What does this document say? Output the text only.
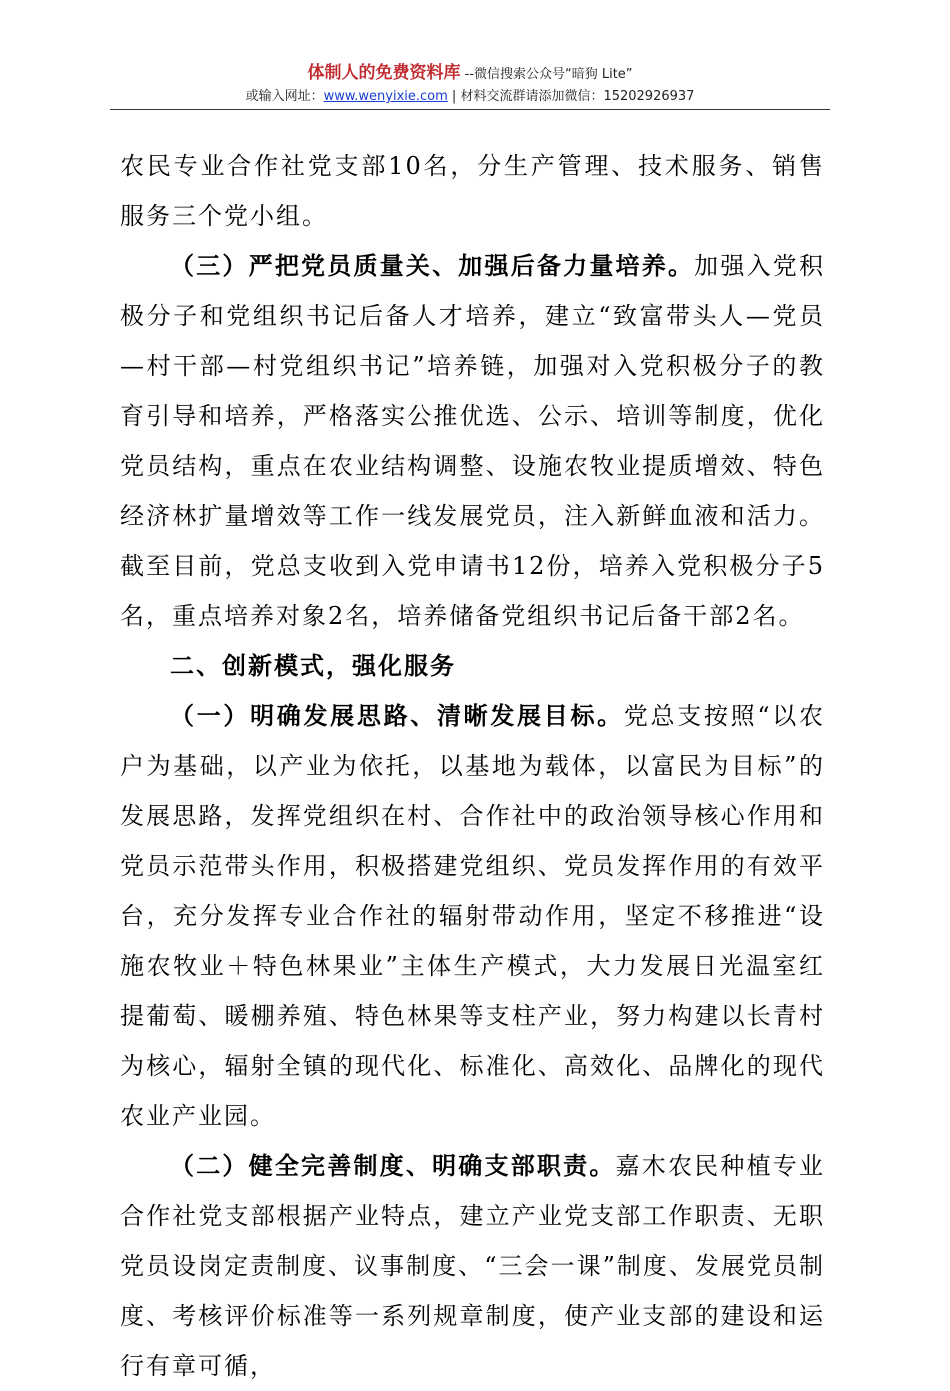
体制人的免费资料库 --微信搜索公众号“暗狗 Lite”
或输入网址：www.wenyixie.com | 材料交流群请添加微信：15202926937

农民专业合作社党支部10名，分生产管理、技术服务、销售服务三个党小组。

（三）严把党员质量关、加强后备力量培养。加强入党积极分子和党组织书记后备人才培养，建立“致富带头人—党员—村干部—村党组织书记”培养链，加强对入党积极分子的教育引导和培养，严格落实公推优选、公示、培训等制度，优化党员结构，重点在农业结构调整、设施农牧业提质增效、特色经济林扩量增效等工作一线发展党员，注入新鲜血液和活力。截至目前，党总支收到入党申请书12份，培养入党积极分子5名，重点培养对象2名，培养储备党组织书记后备干部2名。

二、创新模式，强化服务

（一）明确发展思路、清晰发展目标。党总支按照“以农户为基础，以产业为依托，以基地为载体，以富民为目标”的发展思路，发挥党组织在村、合作社中的政治领导核心作用和党员示范带头作用，积极搭建党组织、党员发挥作用的有效平台，充分发挥专业合作社的辐射带动作用，坚定不移推进“设施农牧业＋特色林果业”主体生产模式，大力发展日光温室红提葡萄、暖棚养殖、特色林果等支柱产业，努力构建以长青村为核心，辐射全镇的现代化、标准化、高效化、品牌化的现代农业产业园。

（二）健全完善制度、明确支部职责。嘉木农民种植专业合作社党支部根据产业特点，建立产业党支部工作职责、无职党员设岗定责制度、议事制度、“三会一课”制度、发展党员制度、考核评价标准等一系列规章制度，使产业支部的建设和运行有章可循，
